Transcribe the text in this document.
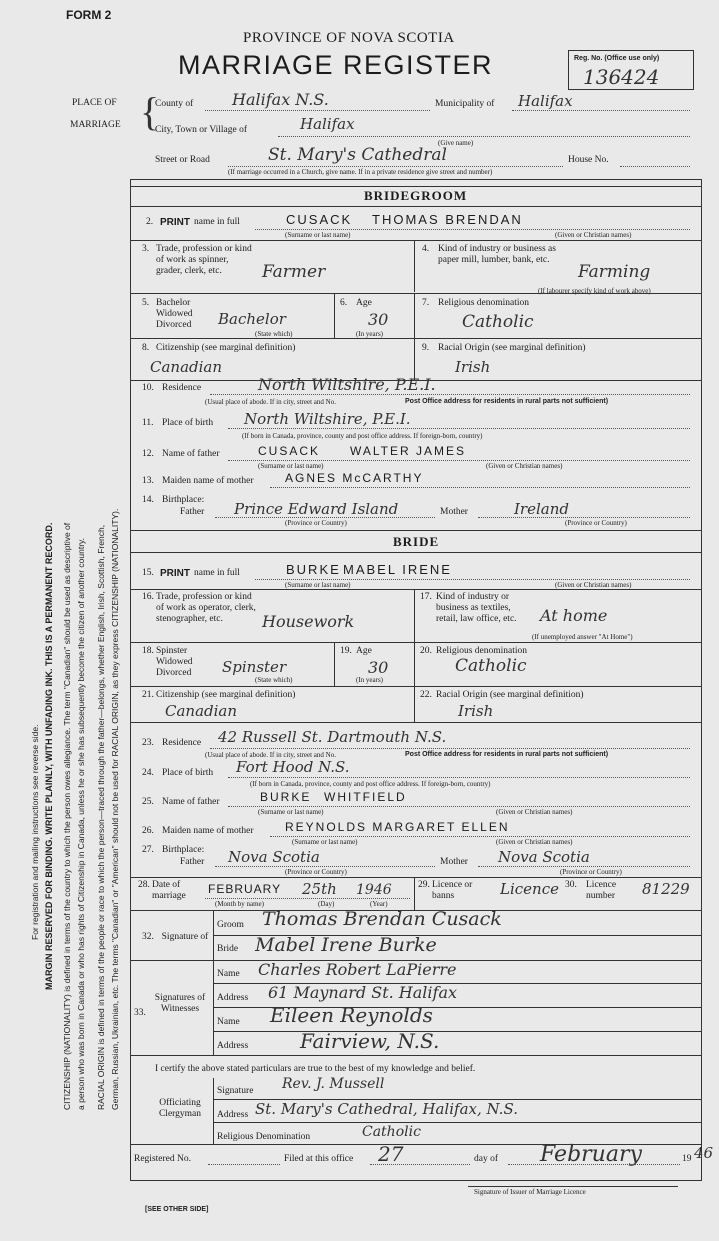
FORM 2
PROVINCE OF NOVA SCOTIA
MARRIAGE REGISTER	Reg. No. (Office use only)
136424
PLACE OF
MARRIAGE {
County of Halifax N.S.	Municipality of Halifax
City, Town or Village of	Halifax
(Give name)
Street or Road	St. Mary's Cathedral	House No.
(If marriage occurred in a Church, give name. If in a private residence give street and number)
For registration and mailing instructions see reverse side. MARGIN RESERVED FOR BINDING. WRITE PLAINLY, WITH UNFADING INK. THIS IS A PERMANENT RECORD. CITIZENSHIP (NATIONALITY) is defined in terms of the country to which the person owes allegiance. The term "Canadian" should be used as descriptive of a person who was born in Canada or who has rights of Citizenship in Canada, unless he or she has subsequently become the citizen of another country. RACIAL ORIGIN is defined in terms of the people or race to which the person—traced through the father—belongs, whether English, Irish, Scottish, French, German, Russian, Ukrainian, etc. The terms "Canadian" or "American" should not be used for RACIAL ORIGIN, as they express CITIZENSHIP (NATIONALITY).
BRIDEGROOM
2. PRINT name in full	CUSACK THOMAS BRENDAN
(Surname or last name)	(Given or Christian names)
3. Trade, profession or kind of work as spinner, grader, clerk, etc.	Farmer
4. Kind of industry or business as paper mill, lumber, bank, etc.
Farming
(If labourer specify kind of work above)
5. Bachelor Widowed Divorced	Bachelor
(State which)
6. Age
30
(In years)
7. Religious denomination
Catholic
8. Citizenship (see marginal definition)
Canadian
9. Racial Origin (see marginal definition)
Irish
10. Residence	North Wiltshire, P.E.I.
(Usual place of abode. If in city, street and No.	Post Office address for residents in rural parts not sufficient)
11. Place of birth North Wiltshire, P.E.I.
(If born in Canada, province, county and post office address. If foreign-born, country)
12. Name of father	CUSACK WALTER JAMES
(Surname or last name)	(Given or Christian names)
13. Maiden name of mother	AGNES McCARTHY
14. Birthplace:
Father Prince Edward Island	Mother	Ireland
(Province or Country)	(Province or Country)
BRIDE
15. PRINT name in full	BURKE MABEL IRENE
(Surname or last name)	(Given or Christian names)
16. Trade, profession or kind of work as operator, clerk, stenographer, etc.	Housework
17. Kind of industry or business as textiles, retail, law office, etc.	At home
(If unemployed answer "At Home")
18. Spinster Widowed Divorced	Spinster
(State which)
19. Age
30
(In years)
20. Religious denomination
Catholic
21. Citizenship (see marginal definition)
Canadian
22. Racial Origin (see marginal definition)
Irish
23. Residence 42 Russell St. Dartmouth N.S.
(Usual place of abode. If in city, street and No.	Post Office address for residents in rural parts not sufficient)
24. Place of birth Fort Hood N.S.
(If born in Canada, province, county and post office address. If foreign-born, country)
25. Name of father	BURKE WHITFIELD
(Surname or last name)	(Given or Christian names)
26. Maiden name of mother	REYNOLDS MARGARET ELLEN
(Surname or last name)	(Given or Christian names)
27. Birthplace:
Father Nova Scotia	Mother Nova Scotia
(Province or Country)	(Province or Country)
28. Date of marriage	FEBRUARY 25th 1946
(Month by name)	(Day)	(Year)
29. Licence or banns	Licence 30. Licence number	81229
32. Signature of
Groom Thomas Brendan Cusack
Bride Mabel Irene Burke
33.
Signatures of Witnesses
Name Charles Robert LaPierre
Address 61 Maynard St. Halifax
Name Eileen Reynolds
Address	Fairview, N.S.
I certify the above stated particulars are true to the best of my knowledge and belief.
Officiating Clergyman
Signature Rev. J. Mussell
Address St. Mary's Cathedral, Halifax, N.S.
Religious Denomination	Catholic
Registered No.	Filed at this office 27	day of February	19 46
Signature of Issuer of Marriage Licence
[SEE OTHER SIDE]
